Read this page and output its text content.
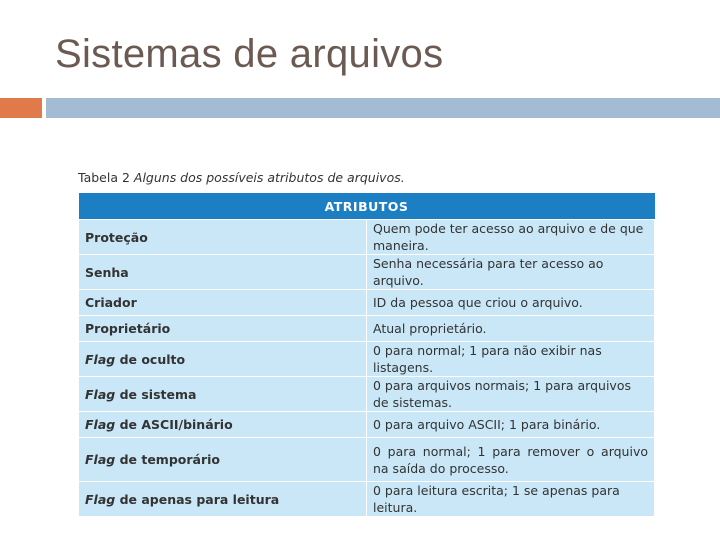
Sistemas de arquivos
Tabela 2 Alguns dos possíveis atributos de arquivos.
ATRIBUTOS	
Proteção	Quem pode ter acesso ao arquivo e de que maneira.
Senha	Senha necessária para ter acesso ao arquivo.
Criador	ID da pessoa que criou o arquivo.
Proprietário	Atual proprietário.
Flag de oculto	0 para normal; 1 para não exibir nas listagens.
Flag de sistema	0 para arquivos normais; 1 para arquivos de sistemas.
Flag de ASCII/binário	0 para arquivo ASCII; 1 para binário.
Flag de temporário	0 para normal; 1 para remover o arquivo na saída do processo.
Flag de apenas para leitura	0 para leitura escrita; 1 se apenas para leitura.
